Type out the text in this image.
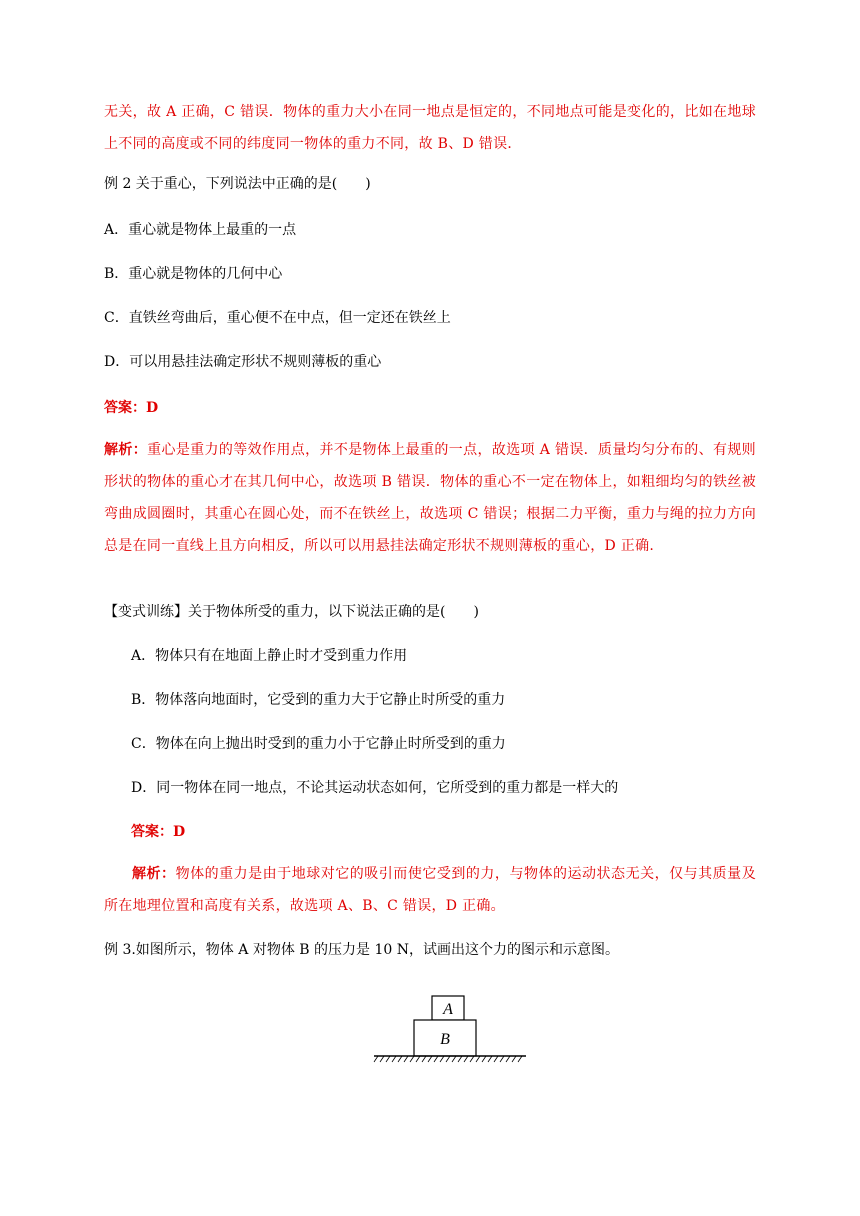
无关，故 A 正确，C 错误．物体的重力大小在同一地点是恒定的，不同地点可能是变化的，比如在地球上不同的高度或不同的纬度同一物体的重力不同，故 B、D 错误．
例 2 关于重心，下列说法中正确的是(　　)
A．重心就是物体上最重的一点
B．重心就是物体的几何中心
C．直铁丝弯曲后，重心便不在中点，但一定还在铁丝上
D．可以用悬挂法确定形状不规则薄板的重心
答案：D
解析：重心是重力的等效作用点，并不是物体上最重的一点，故选项 A 错误．质量均匀分布的、有规则形状的物体的重心才在其几何中心，故选项 B 错误．物体的重心不一定在物体上，如粗细均匀的铁丝被弯曲成圆圈时，其重心在圆心处，而不在铁丝上，故选项 C 错误；根据二力平衡，重力与绳的拉力方向总是在同一直线上且方向相反，所以可以用悬挂法确定形状不规则薄板的重心，D 正确.
【变式训练】关于物体所受的重力，以下说法正确的是(　　)
A．物体只有在地面上静止时才受到重力作用
B．物体落向地面时，它受到的重力大于它静止时所受的重力
C．物体在向上抛出时受到的重力小于它静止时所受到的重力
D．同一物体在同一地点，不论其运动状态如何，它所受到的重力都是一样大的
答案：D
解析：物体的重力是由于地球对它的吸引而使它受到的力，与物体的运动状态无关，仅与其质量及所在地理位置和高度有关系，故选项 A、B、C 错误，D 正确。
例 3.如图所示，物体 A 对物体 B 的压力是 10 N，试画出这个力的图示和示意图。
A
B
